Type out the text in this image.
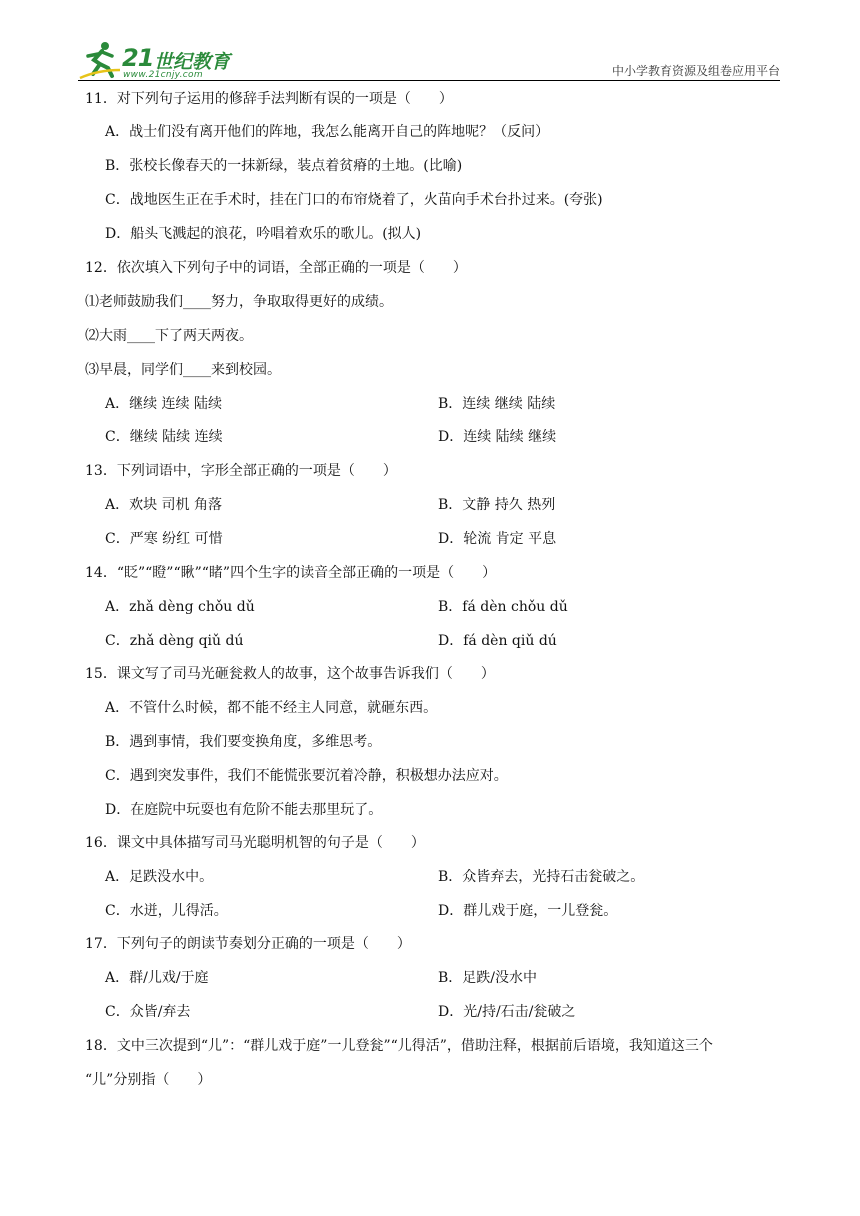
21 世纪教育
www.21cnjy.com	中小学教育资源及组卷应用平台
11．对下列句子运用的修辞手法判断有误的一项是（　　）
A．战士们没有离开他们的阵地，我怎么能离开自己的阵地呢？（反问）
B．张校长像春天的一抹新绿，装点着贫瘠的土地。(比喻)
C．战地医生正在手术时，挂在门口的布帘烧着了，火苗向手术台扑过来。(夸张)
D．船头飞溅起的浪花，吟唱着欢乐的歌儿。(拟人)
12．依次填入下列句子中的词语，全部正确的一项是（　　）
⑴老师鼓励我们____努力，争取取得更好的成绩。
⑵大雨____下了两天两夜。
⑶早晨，同学们____来到校园。
A．继续 连续 陆续	B．连续 继续 陆续
C．继续 陆续 连续	D．连续 陆续 继续
13．下列词语中，字形全部正确的一项是（　　）
A．欢块 司机 角落	B．文静 持久 热列
C．严寒 纷红 可惜	D．轮流 肯定 平息
14．“眨”“瞪”“瞅”“睹”四个生字的读音全部正确的一项是（　　）
A．zhǎ dèng chǒu dǔ	B．fá dèn chǒu dǔ
C．zhǎ dèng qiǔ dú	D．fá dèn qiǔ dú
15．课文写了司马光砸瓮救人的故事，这个故事告诉我们（　　）
A．不管什么时候，都不能不经主人同意，就砸东西。
B．遇到事情，我们要变换角度，多维思考。
C．遇到突发事件，我们不能慌张要沉着冷静，积极想办法应对。
D．在庭院中玩耍也有危阶不能去那里玩了。
16．课文中具体描写司马光聪明机智的句子是（　　）
A．足跌没水中。	B．众皆弃去，光持石击瓮破之。
C．水迸，儿得活。	D．群儿戏于庭，一儿登瓮。
17．下列句子的朗读节奏划分正确的一项是（　　）
A．群/儿戏/于庭	B．足跌/没水中
C．众皆/弃去	D．光/持/石击/瓮破之
18．文中三次提到“儿”：“群儿戏于庭”一儿登瓮”“儿得活”，借助注释，根据前后语境，我知道这三个
“儿”分别指（　　）
